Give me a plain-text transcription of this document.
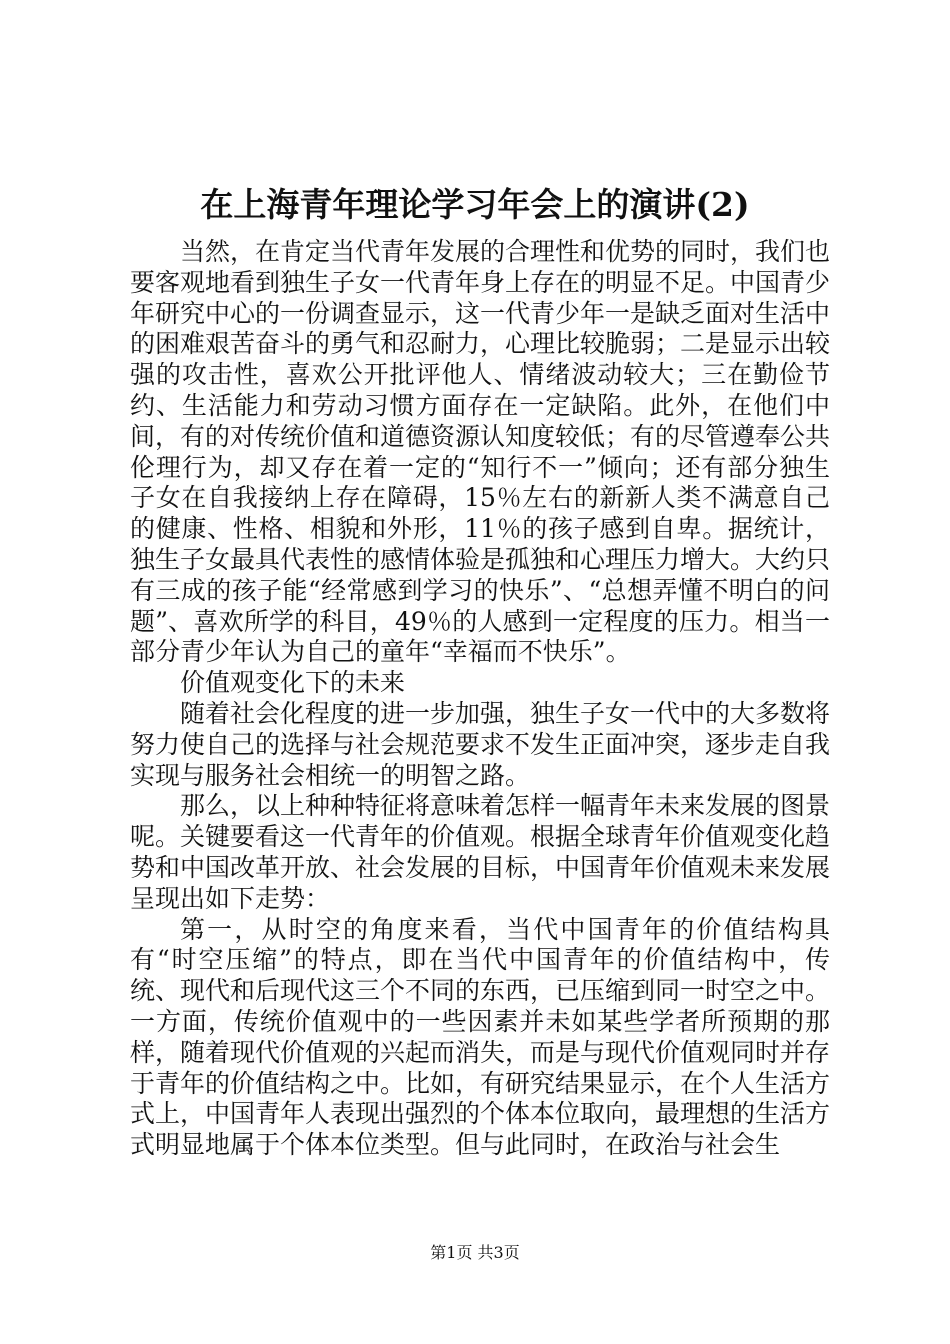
在上海青年理论学习年会上的演讲(2)

当然，在肯定当代青年发展的合理性和优势的同时，我们也要客观地看到独生子女一代青年身上存在的明显不足。中国青少年研究中心的一份调查显示，这一代青少年一是缺乏面对生活中的困难艰苦奋斗的勇气和忍耐力，心理比较脆弱；二是显示出较强的攻击性，喜欢公开批评他人、情绪波动较大；三在勤俭节约、生活能力和劳动习惯方面存在一定缺陷。此外，在他们中间，有的对传统价值和道德资源认知度较低；有的尽管遵奉公共伦理行为，却又存在着一定的“知行不一”倾向；还有部分独生子女在自我接纳上存在障碍，15％左右的新新人类不满意自己的健康、性格、相貌和外形，11％的孩子感到自卑。据统计，独生子女最具代表性的感情体验是孤独和心理压力增大。大约只有三成的孩子能“经常感到学习的快乐”、“总想弄懂不明白的问题”、喜欢所学的科目，49％的人感到一定程度的压力。相当一部分青少年认为自己的童年“幸福而不快乐”。

价值观变化下的未来

随着社会化程度的进一步加强，独生子女一代中的大多数将努力使自己的选择与社会规范要求不发生正面冲突，逐步走自我实现与服务社会相统一的明智之路。

那么，以上种种特征将意味着怎样一幅青年未来发展的图景呢。关键要看这一代青年的价值观。根据全球青年价值观变化趋势和中国改革开放、社会发展的目标，中国青年价值观未来发展呈现出如下走势：

第一，从时空的角度来看，当代中国青年的价值结构具有“时空压缩”的特点，即在当代中国青年的价值结构中，传统、现代和后现代这三个不同的东西，已压缩到同一时空之中。一方面，传统价值观中的一些因素并未如某些学者所预期的那样，随着现代价值观的兴起而消失，而是与现代价值观同时并存于青年的价值结构之中。比如，有研究结果显示，在个人生活方式上，中国青年人表现出强烈的个体本位取向，最理想的生活方式明显地属于个体本位类型。但与此同时，在政治与社会生

第1页 共3页
